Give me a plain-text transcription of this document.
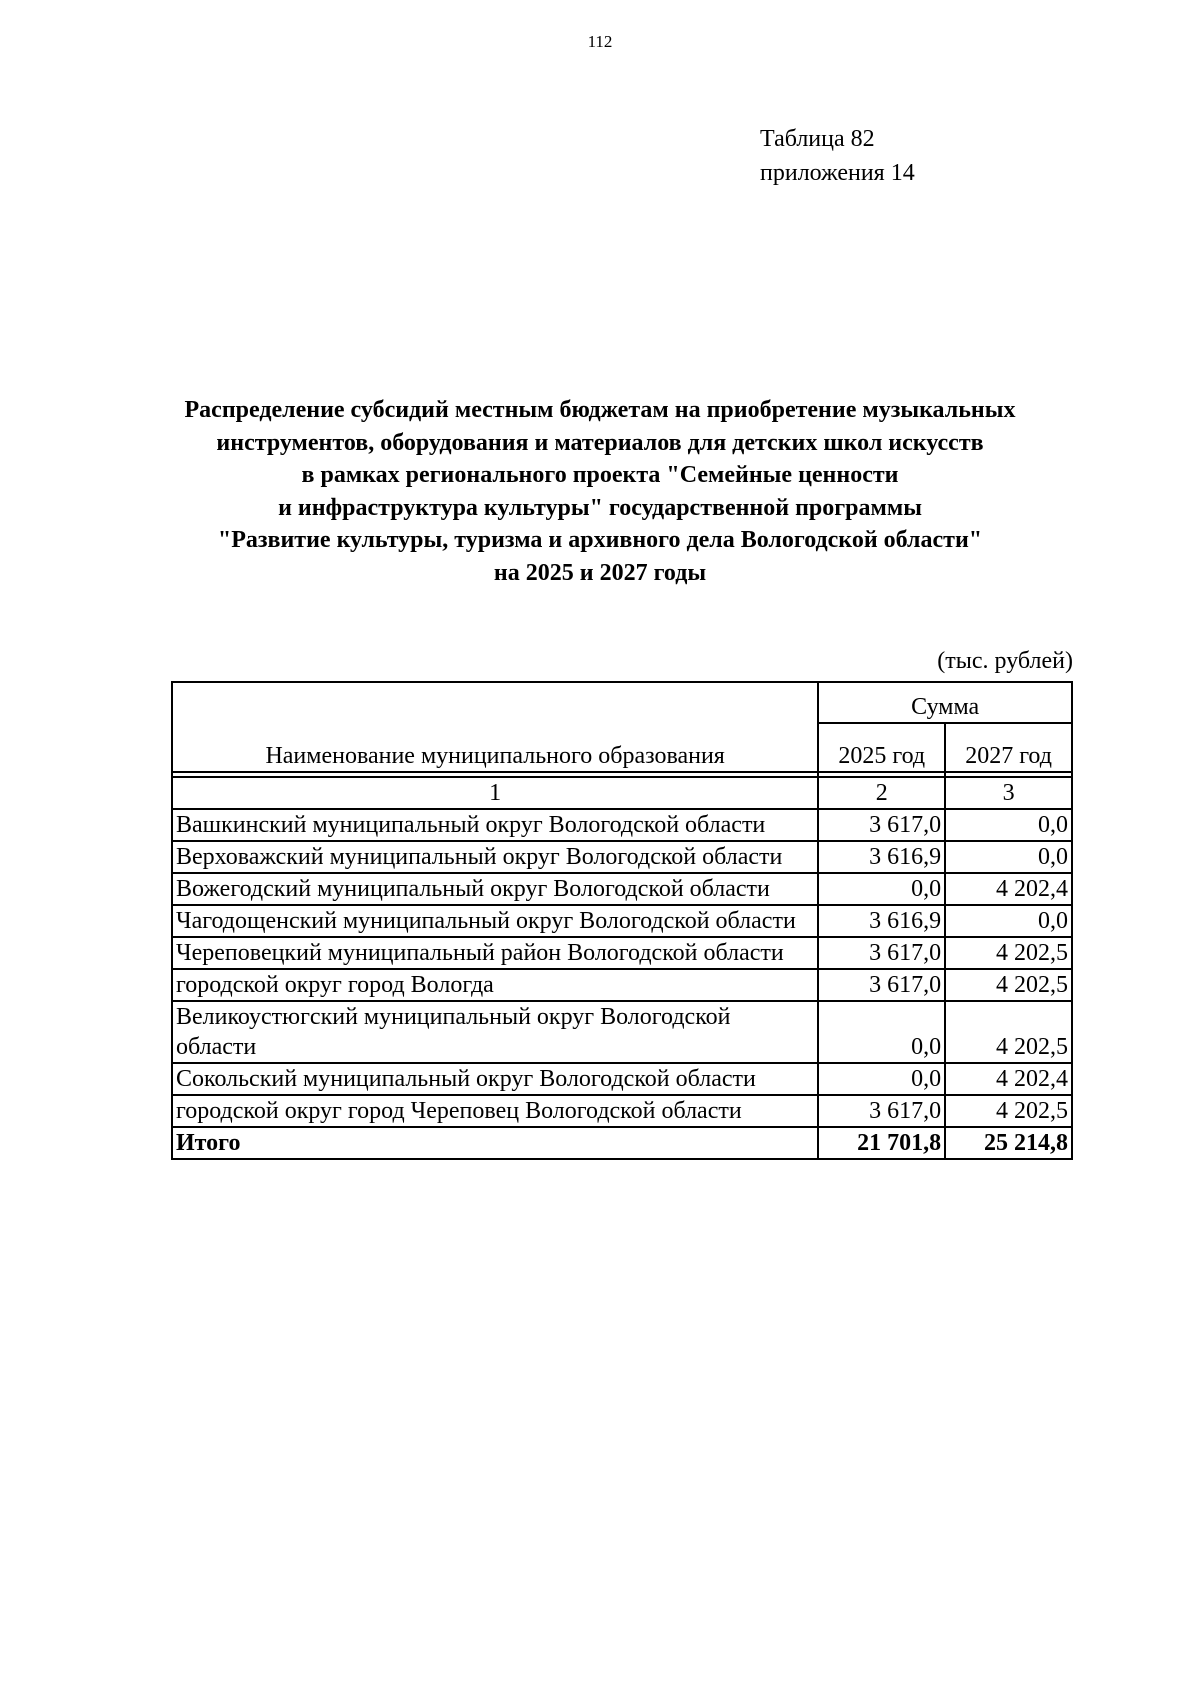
112
Таблица 82
приложения 14
Распределение субсидий местным бюджетам на приобретение музыкальных
инструментов, оборудования и материалов для детских школ искусств
в рамках регионального проекта "Семейные ценности
и инфраструктура культуры" государственной программы
"Развитие культуры, туризма и архивного дела Вологодской области"
на 2025 и 2027 годы
(тыс. рублей)
Наименование муниципального образования	Сумма	
	2025 год	2027 год

1	2	3
Вашкинский муниципальный округ Вологодской области	3 617,0	0,0
Верховажский муниципальный округ Вологодской области	3 616,9	0,0
Вожегодский муниципальный округ Вологодской области	0,0	4 202,4
Чагодощенский муниципальный округ Вологодской области	3 616,9	0,0
Череповецкий муниципальный район Вологодской области	3 617,0	4 202,5
городской округ город Вологда	3 617,0	4 202,5
Великоустюгский муниципальный округ Вологодской области	0,0	4 202,5
Сокольский муниципальный округ Вологодской области	0,0	4 202,4
городской округ город Череповец Вологодской области	3 617,0	4 202,5
Итого	21 701,8	25 214,8
